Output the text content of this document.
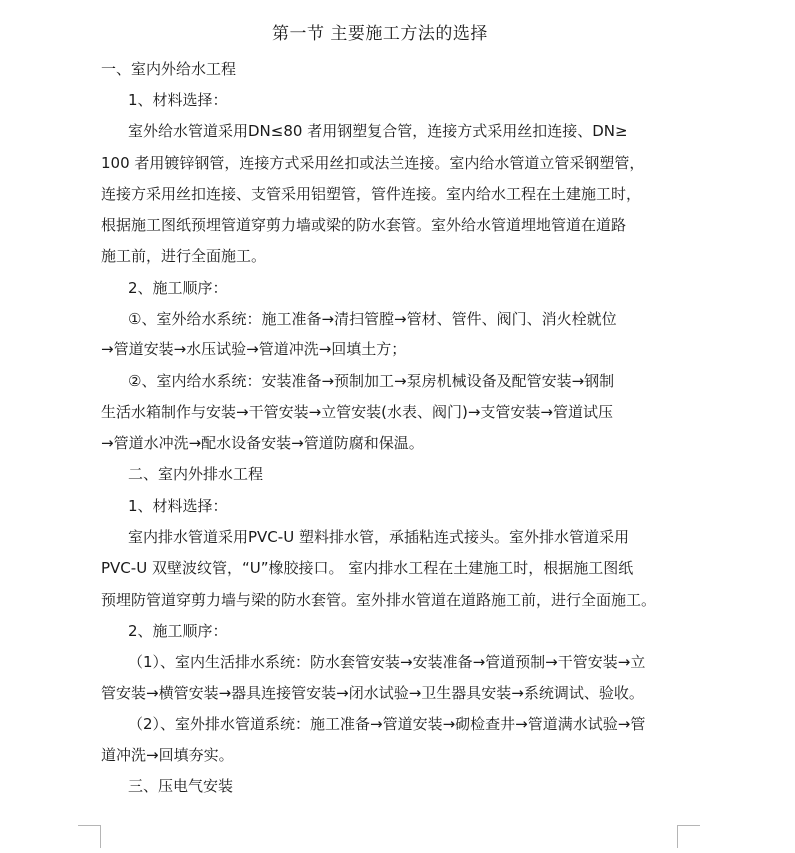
第一节 主要施工方法的选择
一、室内外给水工程
1、材料选择：
室外给水管道采用DN≤80 者用钢塑复合管，连接方式采用丝扣连接、DN≥
100 者用镀锌钢管，连接方式采用丝扣或法兰连接。室内给水管道立管采钢塑管，
连接方采用丝扣连接、支管采用铝塑管，管件连接。室内给水工程在土建施工时，
根据施工图纸预埋管道穿剪力墙或梁的防水套管。室外给水管道埋地管道在道路
施工前，进行全面施工。
2、施工顺序：
①、室外给水系统：施工准备→清扫管膛→管材、管件、阀门、消火栓就位
→管道安装→水压试验→管道冲洗→回填土方；
②、室内给水系统：安装准备→预制加工→泵房机械设备及配管安装→钢制
生活水箱制作与安装→干管安装→立管安装(水表、阀门)→支管安装→管道试压
→管道水冲洗→配水设备安装→管道防腐和保温。
二、室内外排水工程
1、材料选择：
室内排水管道采用PVC-U 塑料排水管，承插粘连式接头。室外排水管道采用
PVC-U 双壁波纹管，“U”橡胶接口。 室内排水工程在土建施工时，根据施工图纸
预埋防管道穿剪力墙与梁的防水套管。室外排水管道在道路施工前，进行全面施工。
2、施工顺序：
（1）、室内生活排水系统：防水套管安装→安装准备→管道预制→干管安装→立
管安装→横管安装→器具连接管安装→闭水试验→卫生器具安装→系统调试、验收。
（2）、室外排水管道系统：施工准备→管道安装→砌检查井→管道满水试验→管
道冲洗→回填夯实。
三、压电气安装
